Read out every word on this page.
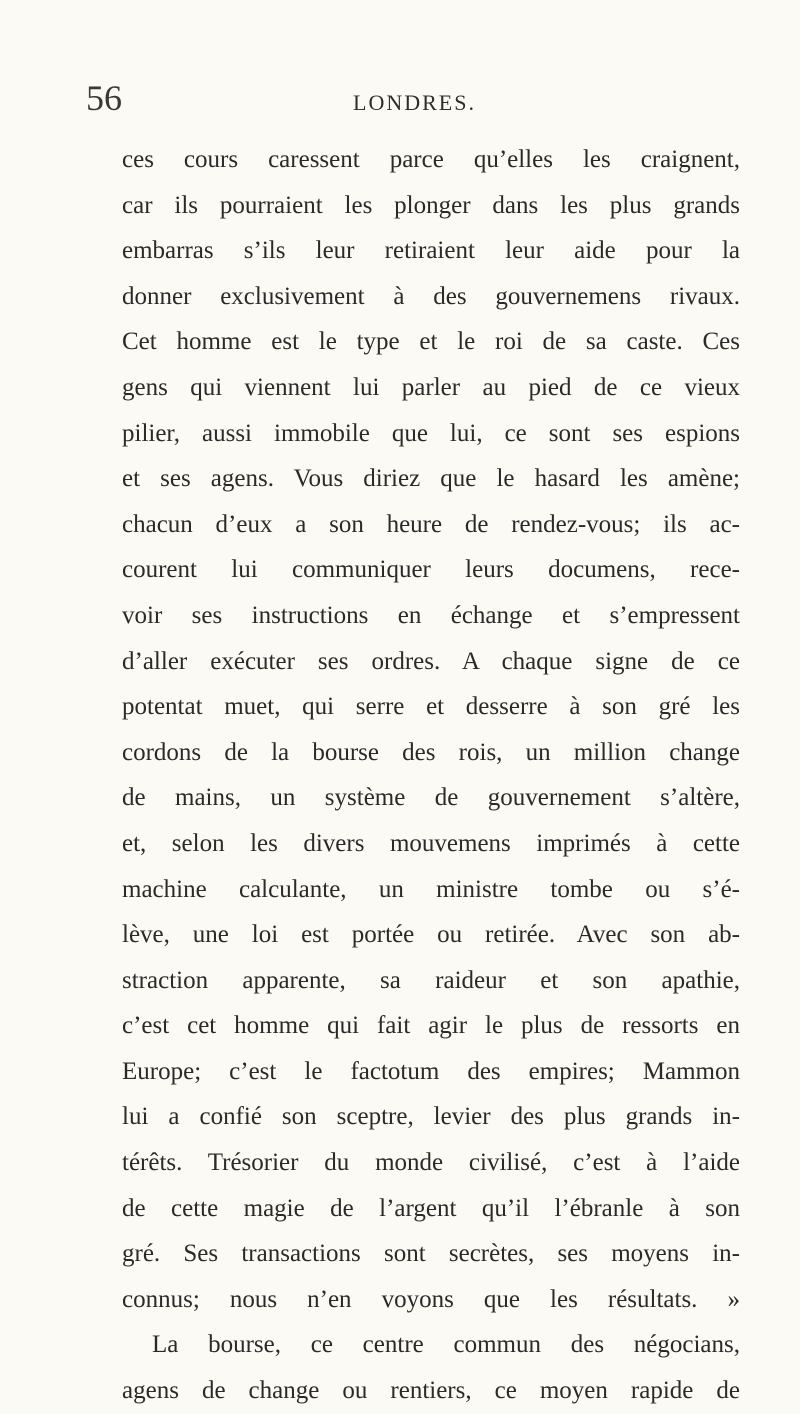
56	LONDRES.
ces cours caressent parce qu’elles les craignent,
car ils pourraient les plonger dans les plus grands
embarras s’ils leur retiraient leur aide pour la
donner exclusivement à des gouvernemens rivaux.
Cet homme est le type et le roi de sa caste. Ces
gens qui viennent lui parler au pied de ce vieux
pilier, aussi immobile que lui, ce sont ses espions
et ses agens. Vous diriez que le hasard les amène;
chacun d’eux a son heure de rendez-vous; ils ac-
courent lui communiquer leurs documens, rece-
voir ses instructions en échange et s’empressent
d’aller exécuter ses ordres. A chaque signe de ce
potentat muet, qui serre et desserre à son gré les
cordons de la bourse des rois, un million change
de mains, un système de gouvernement s’altère,
et, selon les divers mouvemens imprimés à cette
machine calculante, un ministre tombe ou s’é-
lève, une loi est portée ou retirée. Avec son ab-
straction apparente, sa raideur et son apathie,
c’est cet homme qui fait agir le plus de ressorts en
Europe; c’est le factotum des empires; Mammon
lui a confié son sceptre, levier des plus grands in-
térêts. Trésorier du monde civilisé, c’est à l’aide
de cette magie de l’argent qu’il l’ébranle à son
gré. Ses transactions sont secrètes, ses moyens in-
connus; nous n’en voyons que les résultats. »
La bourse, ce centre commun des négocians,
agens de change ou rentiers, ce moyen rapide de
